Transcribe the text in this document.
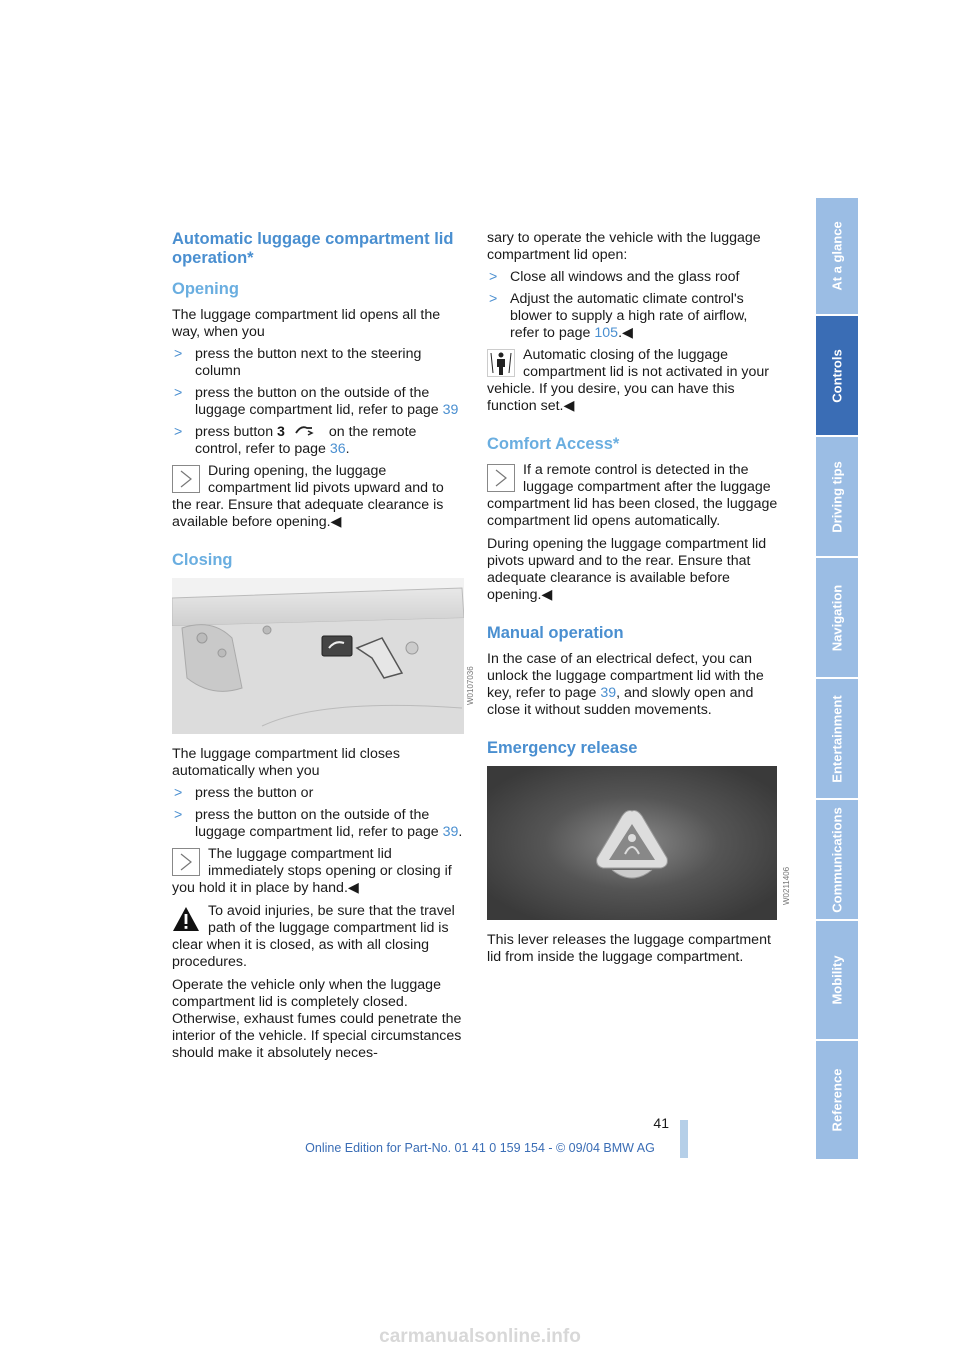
Automatic luggage compartment lid operation*
Opening

The luggage compartment lid opens all the way, when you

> press the button next to the steering column
> press the button on the outside of the luggage compartment lid, refer to page 39
> press button 3	on the remote control, refer to page 36.
During opening, the luggage compartment lid pivots upward and to the rear. Ensure that adequate clearance is available before opening.◀
Closing

The luggage compartment lid closes automatically when you

> press the button or
> press the button on the outside of the luggage compartment lid, refer to page 39.
The luggage compartment lid immediately stops opening or closing if you hold it in place by hand.◀
To avoid injuries, be sure that the travel path of the luggage compartment lid is clear when it is closed, as with all closing procedures.

Operate the vehicle only when the luggage compartment lid is completely closed. Otherwise, exhaust fumes could penetrate the interior of the vehicle. If special circumstances should make it absolutely neces-

W0107036

sary to operate the vehicle with the luggage compartment lid open:

> Close all windows and the glass roof
> Adjust the automatic climate control's blower to supply a high rate of airflow, refer to page 105.◀
Automatic closing of the luggage compartment lid is not activated in your vehicle. If you desire, you can have this function set.◀
Comfort Access*
If a remote control is detected in the luggage compartment after the luggage compartment lid has been closed, the luggage compartment lid opens automatically.

During opening the luggage compartment lid pivots upward and to the rear. Ensure that adequate clearance is available before opening.◀

Manual operation

In the case of an electrical defect, you can unlock the luggage compartment lid with the key, refer to page 39, and slowly open and close it without sudden movements.

Emergency release

This lever releases the luggage compartment lid from inside the luggage compartment.

W0211406
At a glance
Controls
Driving tips
Navigation
Entertainment
Communications
Mobility
Reference
41
Online Edition for Part-No. 01 41 0 159 154 - © 09/04 BMW AG
carmanualsonline.info
